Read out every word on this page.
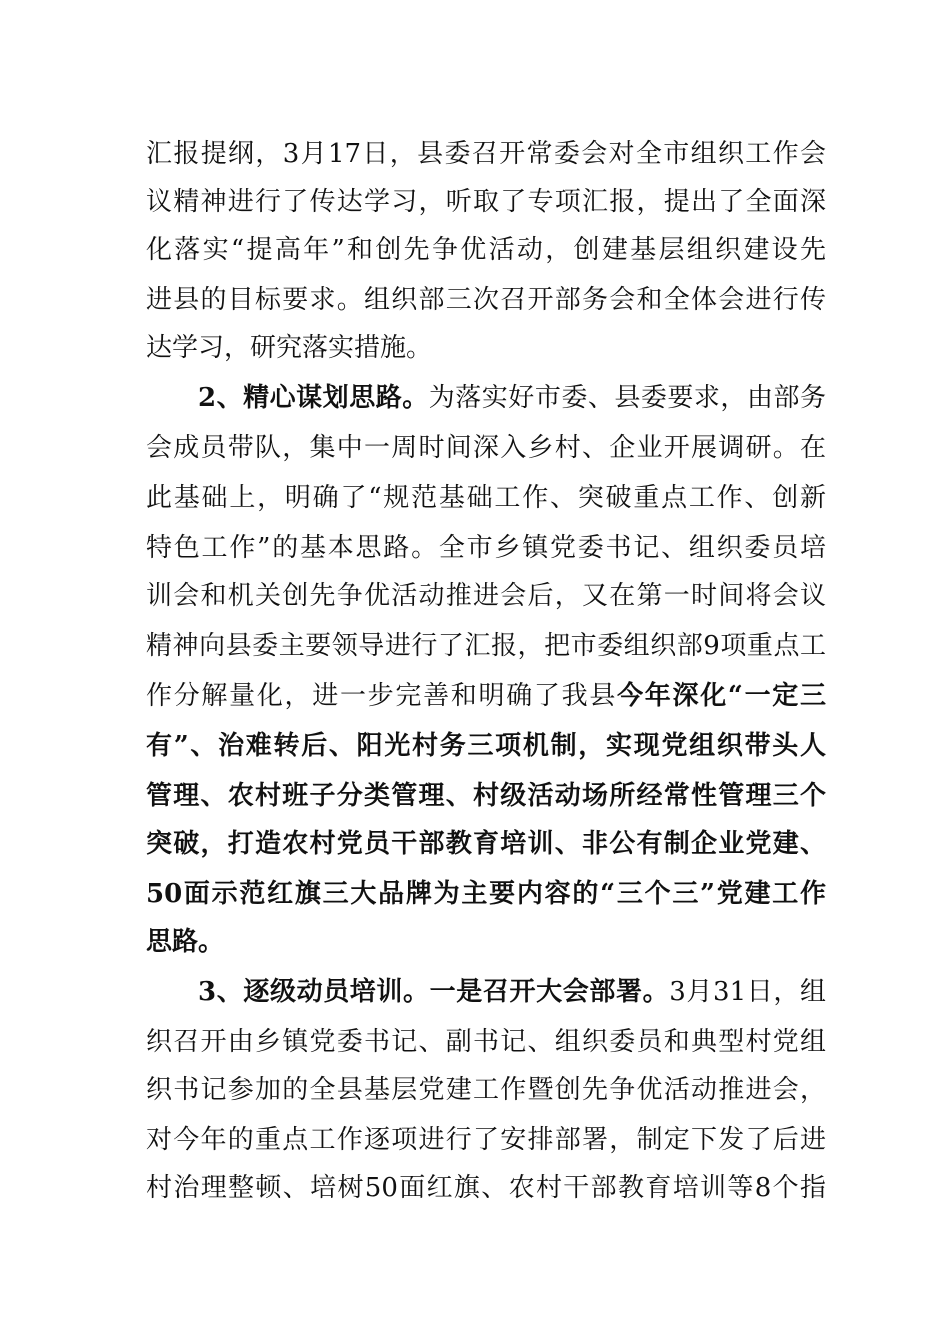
汇报提纲，3月17日，县委召开常委会对全市组织工作会
议精神进行了传达学习，听取了专项汇报，提出了全面深
化落实“提高年”和创先争优活动，创建基层组织建设先
进县的目标要求。组织部三次召开部务会和全体会进行传
达学习，研究落实措施。
2、精心谋划思路。为落实好市委、县委要求，由部务
会成员带队，集中一周时间深入乡村、企业开展调研。在
此基础上，明确了“规范基础工作、突破重点工作、创新
特色工作”的基本思路。全市乡镇党委书记、组织委员培
训会和机关创先争优活动推进会后，又在第一时间将会议
精神向县委主要领导进行了汇报，把市委组织部9项重点工
作分解量化，进一步完善和明确了我县今年深化“一定三
有”、治难转后、阳光村务三项机制，实现党组织带头人
管理、农村班子分类管理、村级活动场所经常性管理三个
突破，打造农村党员干部教育培训、非公有制企业党建、
50面示范红旗三大品牌为主要内容的“三个三”党建工作
思路。
3、逐级动员培训。一是召开大会部署。3月31日，组
织召开由乡镇党委书记、副书记、组织委员和典型村党组
织书记参加的全县基层党建工作暨创先争优活动推进会，
对今年的重点工作逐项进行了安排部署，制定下发了后进
村治理整顿、培树50面红旗、农村干部教育培训等8个指
